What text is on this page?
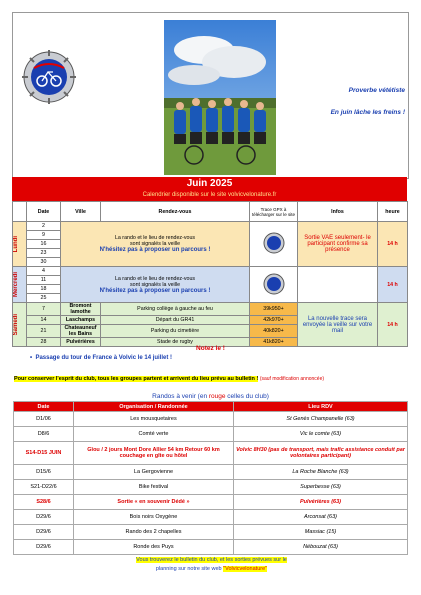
Proverbe vététiste
En juin lâche les freins !
Juin 2025
Calendrier disponible sur le site volvicvelonature.fr
	Date	Ville	Rendez-vous	Trace GPX à télécharger sur le site	Infos	heure

Lundi	2	La rando et le lieu de rendez-vous
sont signalés la veille
N'hésitez pas à proposer un parcours !			Sortie VAE seulement- le participant confirme sa présence	14 h
	9					
	16					
	23					
	30					

Mercredi	4	La rando et le lieu de rendez-vous
sont signalés la veille
N'hésitez pas à proposer un parcours !				14 h
	11					
	18					
	25					

Samedi	7	Bromont lamothe	Parking collège à gauche au feu	39k950+	La nouvelle trace sera envoyée la veille sur votre mail	14 h
	14	Laschamps	Départ du GR41	42k970+		
	21	Chateauneuf les Bains	Parking du cimetière	40k820+		
	28	Pulvérières	Stade de rugby	41k820+		
Notez le !
•  Passage du tour de France à Volvic le 14 juillet !
Pour conserver l'esprit du club, tous les groupes partent et arrivent du lieu prévu au bulletin ! (sauf modification annoncée)
Randos à venir (en rouge celles du club)
Date	Organisation / Randonnée	Lieu RDV
D1/06	Les mousquetaires	St Genès Champanelle (63)
D8/6	Comté verte	Vic le comte (63)
S14-D15 JUIN	Gîou / 2 jours Mont Dore Allier 54 km Retour 60 km couchage en gîte ou hôtel	Volvic 8H30 (pas de transport, mais trafic assistance conduit par volontaires participant)
D15/6	La Gergovienne	La Roche Blanche (63)
S21-D22/6	Bike festival	Superbesse (63)
S28/6	Sortie « en souvenir Dédé »	Pulvérières (63)
D29/6	Bois noirs Oxygène	Arconsat (63)
D29/6	Rando des 2 chapelles	Massiac (15)
D29/6	Ronde des Puys	Nébouzat (63)
Vous trouverez le bulletin du club, et les sorties prévues sur le
planning sur notre site web "Volvicvelonature"
